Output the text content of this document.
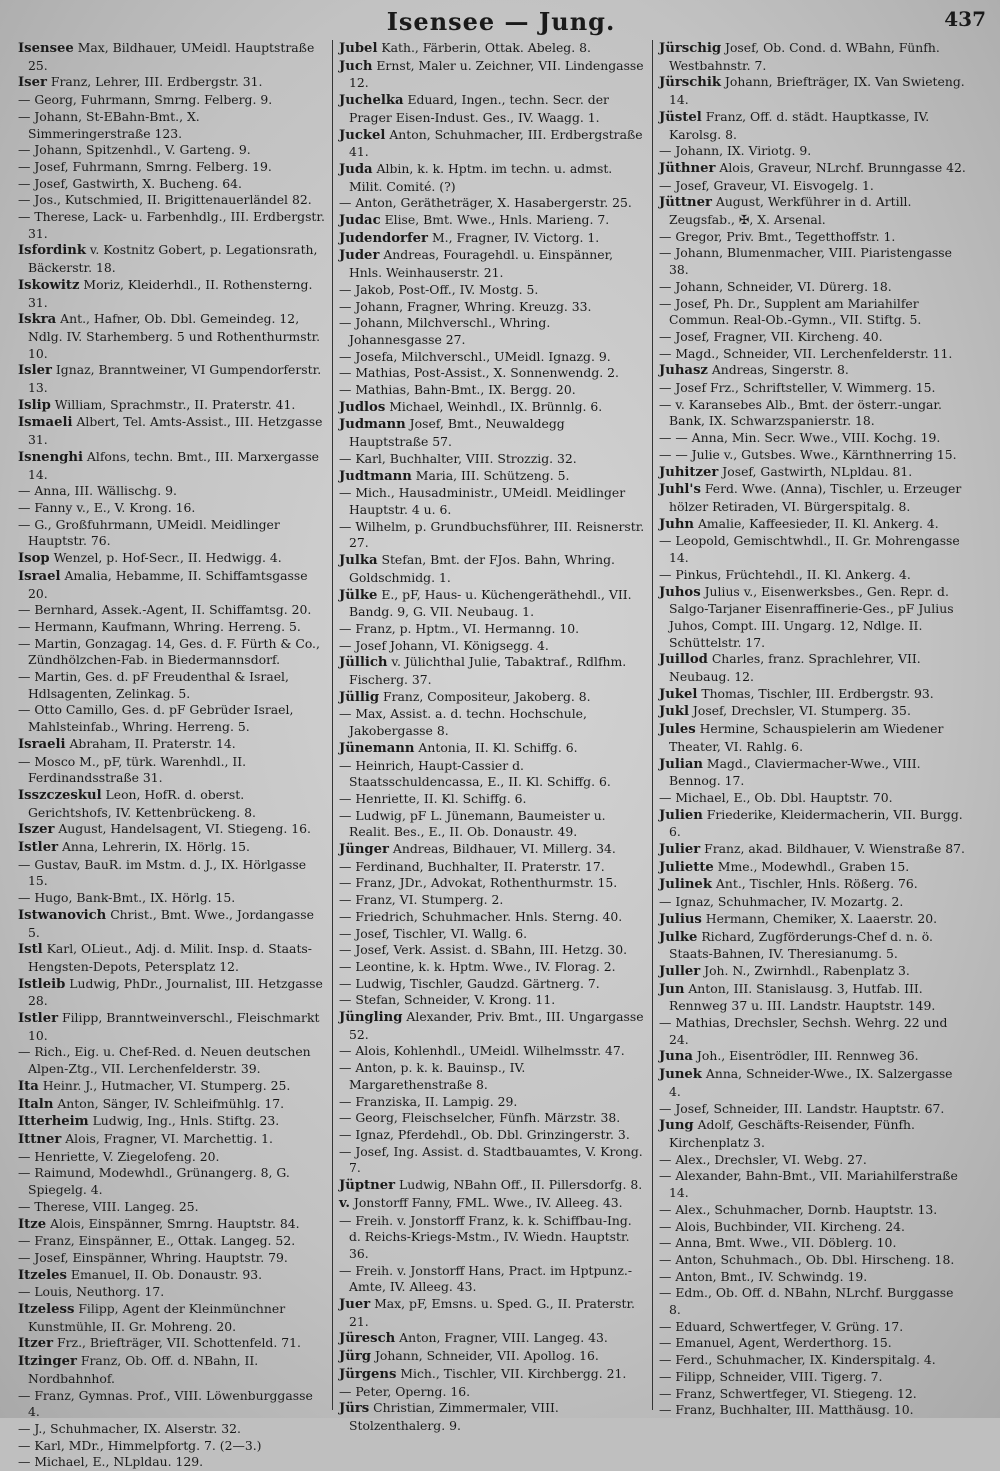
Isensee — Jung.	437

Isensee Max, Bildhauer, UMeidl. Hauptstraße 25.

Iser Franz, Lehrer, III. Erdbergstr. 31.

— Georg, Fuhrmann, Smrng. Felberg. 9.

— Johann, St-EBahn-Bmt., X. Simmeringerstraße 123.

— Johann, Spitzenhdl., V. Garteng. 9.

— Josef, Fuhrmann, Smrng. Felberg. 19.

— Josef, Gastwirth, X. Bucheng. 64.

— Jos., Kutschmied, II. Brigittenauerländel 82.

— Therese, Lack- u. Farbenhdlg., III. Erdbergstr. 31.

Isfordink v. Kostnitz Gobert, p. Legationsrath, Bäckerstr. 18.

Iskowitz Moriz, Kleiderhdl., II. Rothensterng. 31.

Iskra Ant., Hafner, Ob. Dbl. Gemeindeg. 12, Ndlg. IV. Starhemberg. 5 und Rothenthurmstr. 10.

Isler Ignaz, Branntweiner, VI Gumpendorferstr. 13.

Islip William, Sprachmstr., II. Praterstr. 41.

Ismaeli Albert, Tel. Amts-Assist., III. Hetzgasse 31.

Isnenghi Alfons, techn. Bmt., III. Marxergasse 14.

— Anna, III. Wällischg. 9.

— Fanny v., E., V. Krong. 16.

— G., Großfuhrmann, UMeidl. Meidlinger Hauptstr. 76.

Isop Wenzel, p. Hof-Secr., II. Hedwigg. 4.

Israel Amalia, Hebamme, II. Schiffamtsgasse 20.

— Bernhard, Assek.-Agent, II. Schiffamtsg. 20.

— Hermann, Kaufmann, Whring. Herreng. 5.

— Martin, Gonzagag. 14, Ges. d. F. Fürth & Co., Zündhölzchen-Fab. in Biedermannsdorf.

— Martin, Ges. d. pF Freudenthal & Israel, Hdlsagenten, Zelinkag. 5.

— Otto Camillo, Ges. d. pF Gebrüder Israel, Mahlsteinfab., Whring. Herreng. 5.

Israeli Abraham, II. Praterstr. 14.

— Mosco M., pF, türk. Warenhdl., II. Ferdinandsstraße 31.

Isszczeskul Leon, HofR. d. oberst. Gerichtshofs, IV. Kettenbrückeng. 8.

Iszer August, Handelsagent, VI. Stiegeng. 16.

Istler Anna, Lehrerin, IX. Hörlg. 15.

— Gustav, BauR. im Mstm. d. J., IX. Hörlgasse 15.

— Hugo, Bank-Bmt., IX. Hörlg. 15.

Istwanovich Christ., Bmt. Wwe., Jordangasse 5.

Istl Karl, OLieut., Adj. d. Milit. Insp. d. Staats-Hengsten-Depots, Petersplatz 12.

Istleib Ludwig, PhDr., Journalist, III. Hetzgasse 28.

Istler Filipp, Branntweinverschl., Fleischmarkt 10.

— Rich., Eig. u. Chef-Red. d. Neuen deutschen Alpen-Ztg., VII. Lerchenfelderstr. 39.

Ita Heinr. J., Hutmacher, VI. Stumperg. 25.

Italn Anton, Sänger, IV. Schleifmühlg. 17.

Itterheim Ludwig, Ing., Hnls. Stiftg. 23.

Ittner Alois, Fragner, VI. Marchettig. 1.

— Henriette, V. Ziegelofeng. 20.

— Raimund, Modewhdl., Grünangerg. 8, G. Spiegelg. 4.

— Therese, VIII. Langeg. 25.

Itze Alois, Einspänner, Smrng. Hauptstr. 84.

— Franz, Einspänner, E., Ottak. Langeg. 52.

— Josef, Einspänner, Whring. Hauptstr. 79.

Itzeles Emanuel, II. Ob. Donaustr. 93.

— Louis, Neuthorg. 17.

Itzeless Filipp, Agent der Kleinmünchner Kunstmühle, II. Gr. Mohreng. 20.

Itzer Frz., Briefträger, VII. Schottenfeld. 71.

Itzinger Franz, Ob. Off. d. NBahn, II. Nordbahnhof.

— Franz, Gymnas. Prof., VIII. Löwenburggasse 4.

— J., Schuhmacher, IX. Alserstr. 32.

— Karl, MDr., Himmelpfortg. 7. (2—3.)

— Michael, E., NLpldau. 129.

Jubel Kath., Färberin, Ottak. Abeleg. 8.

Juch Ernst, Maler u. Zeichner, VII. Lindengasse 12.

Juchelka Eduard, Ingen., techn. Secr. der Prager Eisen-Indust. Ges., IV. Waagg. 1.

Juckel Anton, Schuhmacher, III. Erdbergstraße 41.

Juda Albin, k. k. Hptm. im techn. u. admst. Milit. Comité. (?)

— Anton, Gerätheträger, X. Hasabergerstr. 25.

Judac Elise, Bmt. Wwe., Hnls. Marieng. 7.

Judendorfer M., Fragner, IV. Victorg. 1.

Juder Andreas, Fouragehdl. u. Einspänner, Hnls. Weinhauserstr. 21.

— Jakob, Post-Off., IV. Mostg. 5.

— Johann, Fragner, Whring. Kreuzg. 33.

— Johann, Milchverschl., Whring. Johannesgasse 27.

— Josefa, Milchverschl., UMeidl. Ignazg. 9.

— Mathias, Post-Assist., X. Sonnenwendg. 2.

— Mathias, Bahn-Bmt., IX. Bergg. 20.

Judlos Michael, Weinhdl., IX. Brünnlg. 6.

Judmann Josef, Bmt., Neuwaldegg Hauptstraße 57.

— Karl, Buchhalter, VIII. Strozzig. 32.

Judtmann Maria, III. Schützeng. 5.

— Mich., Hausadministr., UMeidl. Meidlinger Hauptstr. 4 u. 6.

— Wilhelm, p. Grundbuchsführer, III. Reisnerstr. 27.

Julka Stefan, Bmt. der FJos. Bahn, Whring. Goldschmidg. 1.

Jülke E., pF, Haus- u. Küchengeräthehdl., VII. Bandg. 9, G. VII. Neubaug. 1.

— Franz, p. Hptm., VI. Hermanng. 10.

— Josef Johann, VI. Königsegg. 4.

Jüllich v. Jülichthal Julie, Tabaktraf., Rdlfhm. Fischerg. 37.

Jüllig Franz, Compositeur, Jakoberg. 8.

— Max, Assist. a. d. techn. Hochschule, Jakobergasse 8.

Jünemann Antonia, II. Kl. Schiffg. 6.

— Heinrich, Haupt-Cassier d. Staatsschuldencassa, E., II. Kl. Schiffg. 6.

— Henriette, II. Kl. Schiffg. 6.

— Ludwig, pF L. Jünemann, Baumeister u. Realit. Bes., E., II. Ob. Donaustr. 49.

Jünger Andreas, Bildhauer, VI. Millerg. 34.

— Ferdinand, Buchhalter, II. Praterstr. 17.

— Franz, JDr., Advokat, Rothenthurmstr. 15.

— Franz, VI. Stumperg. 2.

— Friedrich, Schuhmacher. Hnls. Sterng. 40.

— Josef, Tischler, VI. Wallg. 6.

— Josef, Verk. Assist. d. SBahn, III. Hetzg. 30.

— Leontine, k. k. Hptm. Wwe., IV. Florag. 2.

— Ludwig, Tischler, Gaudzd. Gärtnerg. 7.

— Stefan, Schneider, V. Krong. 11.

Jüngling Alexander, Priv. Bmt., III. Ungargasse 52.

— Alois, Kohlenhdl., UMeidl. Wilhelmsstr. 47.

— Anton, p. k. k. Bauinsp., IV. Margarethenstraße 8.

— Franziska, II. Lampig. 29.

— Georg, Fleischselcher, Fünfh. Märzstr. 38.

— Ignaz, Pferdehdl., Ob. Dbl. Grinzingerstr. 3.

— Josef, Ing. Assist. d. Stadtbauamtes, V. Krong. 7.

Jüptner Ludwig, NBahn Off., II. Pillersdorfg. 8.

v. Jonstorff Fanny, FML. Wwe., IV. Alleeg. 43.

— Freih. v. Jonstorff Franz, k. k. Schiffbau-Ing. d. Reichs-Kriegs-Mstm., IV. Wiedn. Hauptstr. 36.

— Freih. v. Jonstorff Hans, Pract. im Hptpunz.-Amte, IV. Alleeg. 43.

Juer Max, pF, Emsns. u. Sped. G., II. Praterstr. 21.

Jüresch Anton, Fragner, VIII. Langeg. 43.

Jürg Johann, Schneider, VII. Apollog. 16.

Jürgens Mich., Tischler, VII. Kirchbergg. 21.

— Peter, Operng. 16.

Jürs Christian, Zimmermaler, VIII. Stolzenthalerg. 9.

Jürschig Josef, Ob. Cond. d. WBahn, Fünfh. Westbahnstr. 7.

Jürschik Johann, Briefträger, IX. Van Swieteng. 14.

Jüstel Franz, Off. d. städt. Hauptkasse, IV. Karolsg. 8.

— Johann, IX. Viriotg. 9.

Jüthner Alois, Graveur, NLrchf. Brunngasse 42.

— Josef, Graveur, VI. Eisvogelg. 1.

Jüttner August, Werkführer in d. Artill. Zeugsfab., ✠, X. Arsenal.

— Gregor, Priv. Bmt., Tegetthoffstr. 1.

— Johann, Blumenmacher, VIII. Piaristengasse 38.

— Johann, Schneider, VI. Dürerg. 18.

— Josef, Ph. Dr., Supplent am Mariahilfer Commun. Real-Ob.-Gymn., VII. Stiftg. 5.

— Josef, Fragner, VII. Kircheng. 40.

— Magd., Schneider, VII. Lerchenfelderstr. 11.

Juhasz Andreas, Singerstr. 8.

— Josef Frz., Schriftsteller, V. Wimmerg. 15.

— v. Karansebes Alb., Bmt. der österr.-ungar. Bank, IX. Schwarzspanierstr. 18.

— — Anna, Min. Secr. Wwe., VIII. Kochg. 19.

— — Julie v., Gutsbes. Wwe., Kärnthnerring 15.

Juhitzer Josef, Gastwirth, NLpldau. 81.

Juhl's Ferd. Wwe. (Anna), Tischler, u. Erzeuger hölzer Retiraden, VI. Bürgerspitalg. 8.

Juhn Amalie, Kaffeesieder, II. Kl. Ankerg. 4.

— Leopold, Gemischtwhdl., II. Gr. Mohrengasse 14.

— Pinkus, Früchtehdl., II. Kl. Ankerg. 4.

Juhos Julius v., Eisenwerksbes., Gen. Repr. d. Salgo-Tarjaner Eisenraffinerie-Ges., pF Julius Juhos, Compt. III. Ungarg. 12, Ndlge. II. Schüttelstr. 17.

Juillod Charles, franz. Sprachlehrer, VII. Neubaug. 12.

Jukel Thomas, Tischler, III. Erdbergstr. 93.

Jukl Josef, Drechsler, VI. Stumperg. 35.

Jules Hermine, Schauspielerin am Wiedener Theater, VI. Rahlg. 6.

Julian Magd., Claviermacher-Wwe., VIII. Bennog. 17.

— Michael, E., Ob. Dbl. Hauptstr. 70.

Julien Friederike, Kleidermacherin, VII. Burgg. 6.

Julier Franz, akad. Bildhauer, V. Wienstraße 87.

Juliette Mme., Modewhdl., Graben 15.

Julinek Ant., Tischler, Hnls. Rößerg. 76.

— Ignaz, Schuhmacher, IV. Mozartg. 2.

Julius Hermann, Chemiker, X. Laaerstr. 20.

Julke Richard, Zugförderungs-Chef d. n. ö. Staats-Bahnen, IV. Theresianumg. 5.

Juller Joh. N., Zwirnhdl., Rabenplatz 3.

Jun Anton, III. Stanislausg. 3, Hutfab. III. Rennweg 37 u. III. Landstr. Hauptstr. 149.

— Mathias, Drechsler, Sechsh. Wehrg. 22 und 24.

Juna Joh., Eisentrödler, III. Rennweg 36.

Junek Anna, Schneider-Wwe., IX. Salzergasse 4.

— Josef, Schneider, III. Landstr. Hauptstr. 67.

Jung Adolf, Geschäfts-Reisender, Fünfh. Kirchenplatz 3.

— Alex., Drechsler, VI. Webg. 27.

— Alexander, Bahn-Bmt., VII. Mariahilferstraße 14.

— Alex., Schuhmacher, Dornb. Hauptstr. 13.

— Alois, Buchbinder, VII. Kircheng. 24.

— Anna, Bmt. Wwe., VII. Döblerg. 10.

— Anton, Schuhmach., Ob. Dbl. Hirscheng. 18.

— Anton, Bmt., IV. Schwindg. 19.

— Edm., Ob. Off. d. NBahn, NLrchf. Burggasse 8.

— Eduard, Schwertfeger, V. Grüng. 17.

— Emanuel, Agent, Werderthorg. 15.

— Ferd., Schuhmacher, IX. Kinderspitalg. 4.

— Filipp, Schneider, VIII. Tigerg. 7.

— Franz, Schwertfeger, VI. Stiegeng. 12.

— Franz, Buchhalter, III. Matthäusg. 10.
